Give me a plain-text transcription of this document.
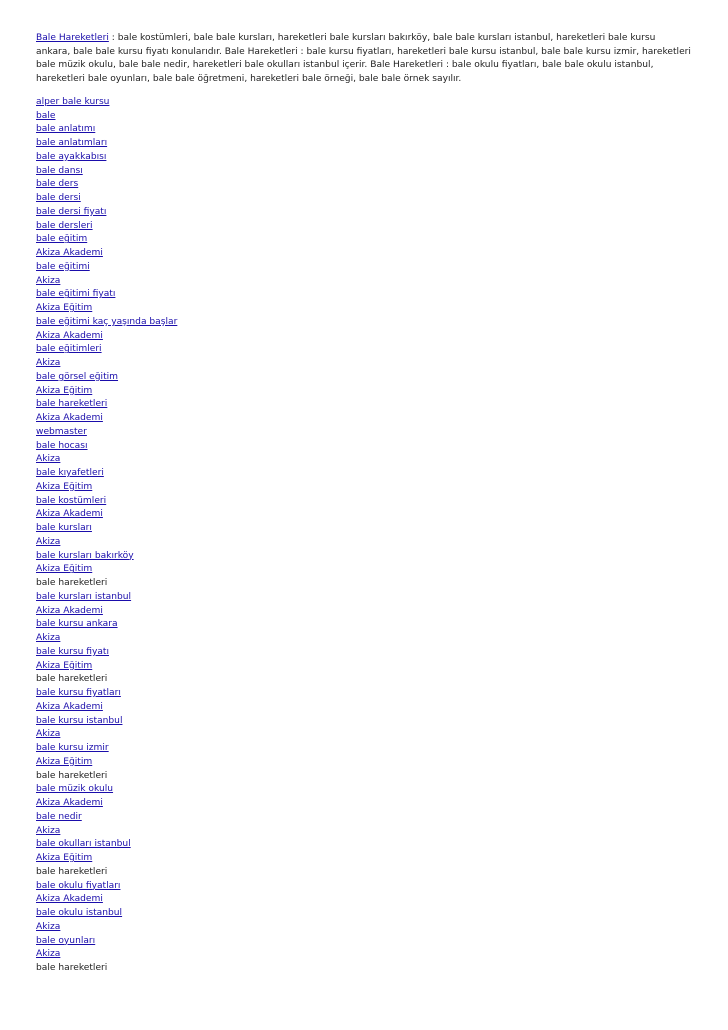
Bale Hareketleri : bale kostümleri, bale bale kursları, hareketleri bale kursları bakırköy, bale bale kursları istanbul, hareketleri bale kursu ankara, bale bale kursu fiyatı konularıdır. Bale Hareketleri : bale kursu fiyatları, hareketleri bale kursu istanbul, bale bale kursu izmir, hareketleri bale müzik okulu, bale bale nedir, hareketleri bale okulları istanbul içerir. Bale Hareketleri : bale okulu fiyatları, bale bale okulu istanbul, hareketleri bale oyunları, bale bale öğretmeni, hareketleri bale örneği, bale bale örnek sayılır.

alper bale kursu
bale
bale anlatımı
bale anlatımları
bale ayakkabısı
bale dansı
bale ders
bale dersi
bale dersi fiyatı
bale dersleri
bale eğitim
Akiza Akademi
bale eğitimi
Akiza
bale eğitimi fiyatı
Akiza Eğitim
bale eğitimi kaç yaşında başlar
Akiza Akademi
bale eğitimleri
Akiza
bale görsel eğitim
Akiza Eğitim
bale hareketleri
Akiza Akademi
webmaster
bale hocası
Akiza
bale kıyafetleri
Akiza Eğitim
bale kostümleri
Akiza Akademi
bale kursları
Akiza
bale kursları bakırköy
Akiza Eğitim
bale hareketleri
bale kursları istanbul
Akiza Akademi
bale kursu ankara
Akiza
bale kursu fiyatı
Akiza Eğitim
bale hareketleri
bale kursu fiyatları
Akiza Akademi
bale kursu istanbul
Akiza
bale kursu izmir
Akiza Eğitim
bale hareketleri
bale müzik okulu
Akiza Akademi
bale nedir
Akiza
bale okulları istanbul
Akiza Eğitim
bale hareketleri
bale okulu fiyatları
Akiza Akademi
bale okulu istanbul
Akiza
bale oyunları
Akiza
bale hareketleri
